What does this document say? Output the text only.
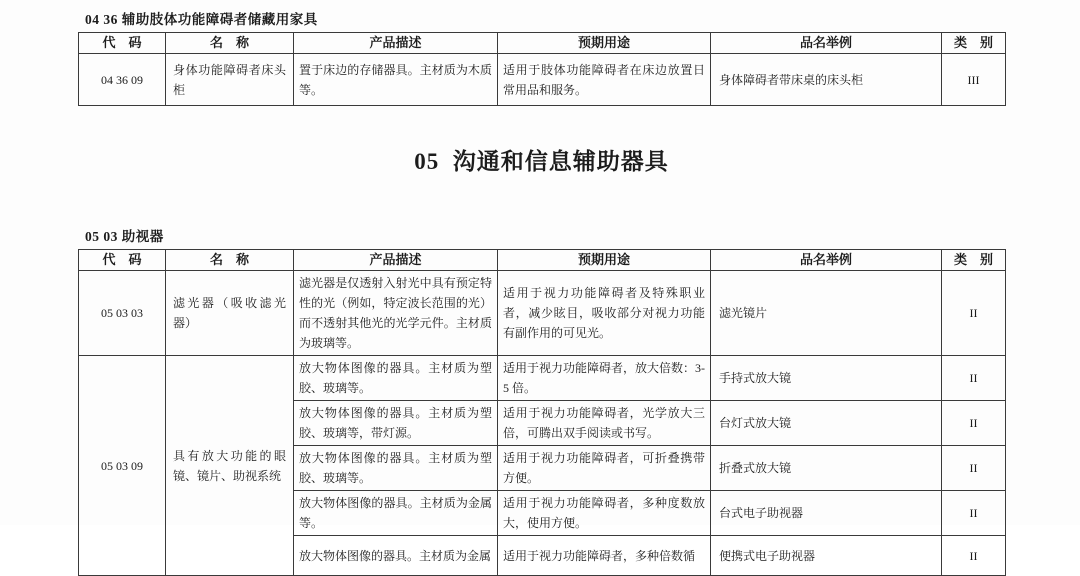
04 36 辅助肢体功能障碍者储藏用家具
代　码	名　称	产品描述	预期用途	品名举例	类　别
04 36 09	身体功能障碍者床头柜	置于床边的存储器具。主材质为木质等。	适用于肢体功能障碍者在床边放置日常用品和服务。	身体障碍者带床桌的床头柜	III
05  沟通和信息辅助器具
05 03 助视器
代　码	名　称	产品描述	预期用途	品名举例	类　别
05 03 03	滤光器（吸收滤光器）	滤光器是仅透射入射光中具有预定特性的光（例如，特定波长范围的光）而不透射其他光的光学元件。主材质为玻璃等。	适用于视力功能障碍者及特殊职业者，减少眩目，吸收部分对视力功能有副作用的可见光。	滤光镜片	II
05 03 09	具有放大功能的眼镜、镜片、助视系统	放大物体图像的器具。主材质为塑胶、玻璃等。	适用于视力功能障碍者，放大倍数：3-5 倍。	手持式放大镜	II
		放大物体图像的器具。主材质为塑胶、玻璃等，带灯源。	适用于视力功能障碍者，光学放大三倍，可腾出双手阅读或书写。	台灯式放大镜	II
		放大物体图像的器具。主材质为塑胶、玻璃等。	适用于视力功能障碍者，可折叠携带方便。	折叠式放大镜	II
		放大物体图像的器具。主材质为金属等。	适用于视力功能障碍者，多种度数放大，使用方便。	台式电子助视器	II
		放大物体图像的器具。主材质为金属	适用于视力功能障碍者，多种倍数循	便携式电子助视器	II
